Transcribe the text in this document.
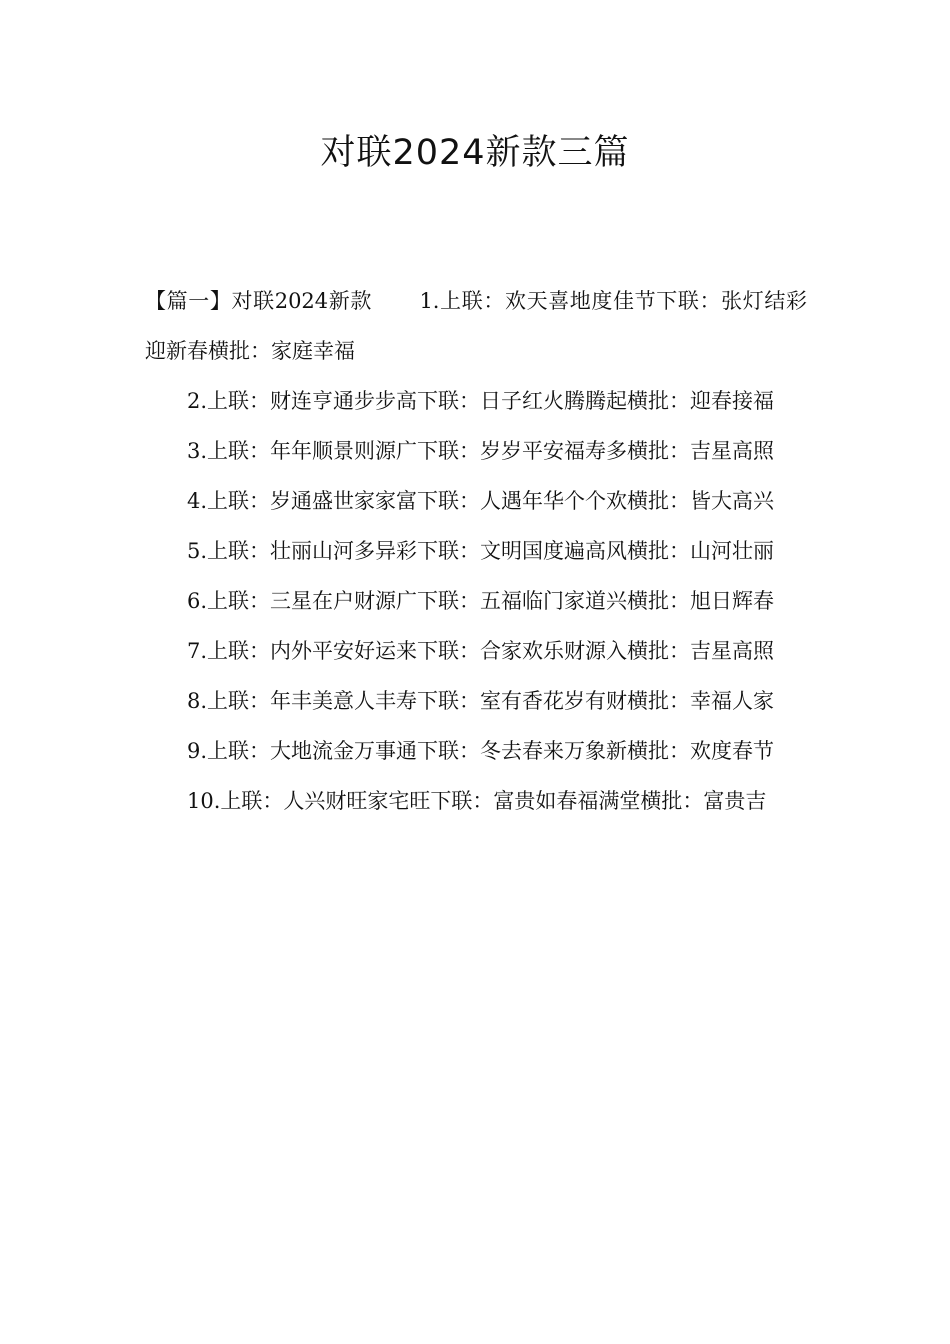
对联2024新款三篇

【篇一】对联2024新款　　 1.上联：欢天喜地度佳节下联：张灯结彩迎新春横批：家庭幸福

2.上联：财连亨通步步高下联：日子红火腾腾起横批：迎春接福

3.上联：年年顺景则源广下联：岁岁平安福寿多横批：吉星高照

4.上联：岁通盛世家家富下联：人遇年华个个欢横批：皆大高兴

5.上联：壮丽山河多异彩下联：文明国度遍高风横批：山河壮丽

6.上联：三星在户财源广下联：五福临门家道兴横批：旭日辉春

7.上联：内外平安好运来下联：合家欢乐财源入横批：吉星高照

8.上联：年丰美意人丰寿下联：室有香花岁有财横批：幸福人家

9.上联：大地流金万事通下联：冬去春来万象新横批：欢度春节

10.上联：人兴财旺家宅旺下联：富贵如春福满堂横批：富贵吉
